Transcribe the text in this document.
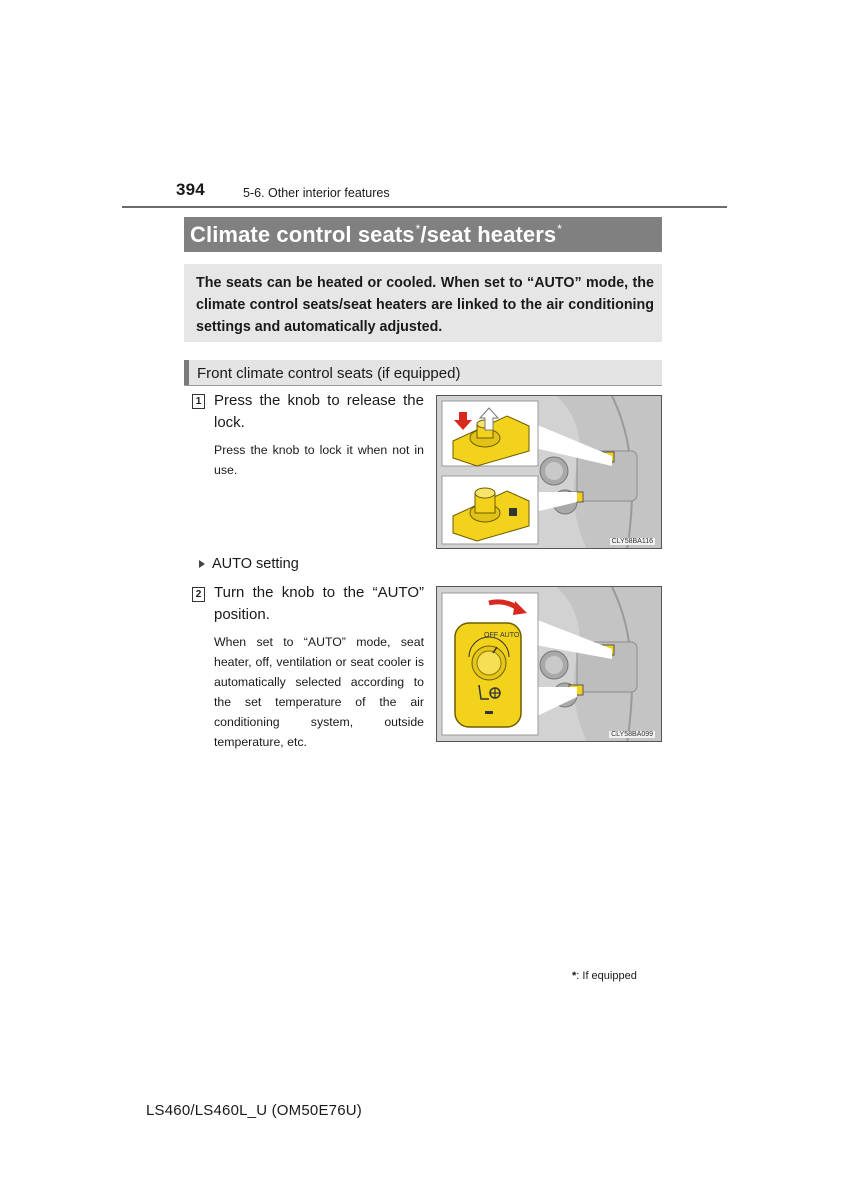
394	5-6. Other interior features
Climate control seats*/seat heaters*
The seats can be heated or cooled. When set to “AUTO” mode, the climate control seats/seat heaters are linked to the air conditioning settings and automatically adjusted.
Front climate control seats (if equipped)
1 Press the knob to release the
lock.
Press the knob to lock it when not in use.
CLY58BA116
AUTO setting
2 Turn the knob to the “AUTO”
position.
When set to “AUTO” mode, seat heater, off, ventilation or seat cooler is automatically selected according to the set temperature of the air conditioning system, outside temperature, etc.
OFF AUTO
CLY58BA099
*: If equipped
LS460/LS460L_U (OM50E76U)
